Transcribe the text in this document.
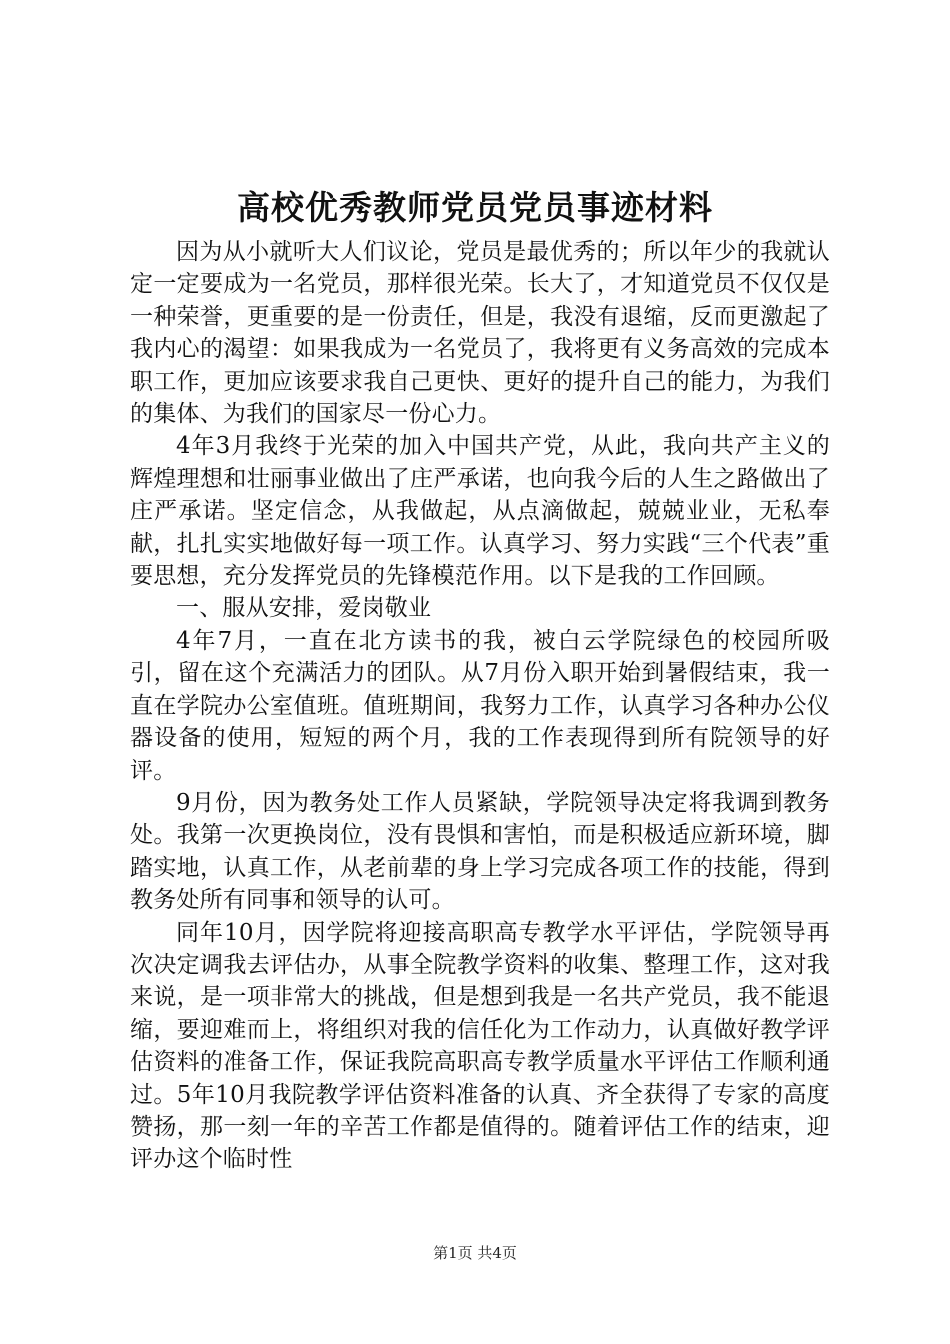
高校优秀教师党员党员事迹材料

因为从小就听大人们议论，党员是最优秀的；所以年少的我就认定一定要成为一名党员，那样很光荣。长大了，才知道党员不仅仅是一种荣誉，更重要的是一份责任，但是，我没有退缩，反而更激起了我内心的渴望：如果我成为一名党员了，我将更有义务高效的完成本职工作，更加应该要求我自己更快、更好的提升自己的能力，为我们的集体、为我们的国家尽一份心力。

4年3月我终于光荣的加入中国共产党，从此，我向共产主义的辉煌理想和壮丽事业做出了庄严承诺，也向我今后的人生之路做出了庄严承诺。坚定信念，从我做起，从点滴做起，兢兢业业，无私奉献，扎扎实实地做好每一项工作。认真学习、努力实践“三个代表”重要思想，充分发挥党员的先锋模范作用。以下是我的工作回顾。

一、服从安排，爱岗敬业

4年7月，一直在北方读书的我，被白云学院绿色的校园所吸引，留在这个充满活力的团队。从7月份入职开始到暑假结束，我一直在学院办公室值班。值班期间，我努力工作，认真学习各种办公仪器设备的使用，短短的两个月，我的工作表现得到所有院领导的好评。

9月份，因为教务处工作人员紧缺，学院领导决定将我调到教务处。我第一次更换岗位，没有畏惧和害怕，而是积极适应新环境，脚踏实地，认真工作，从老前辈的身上学习完成各项工作的技能，得到教务处所有同事和领导的认可。

同年10月，因学院将迎接高职高专教学水平评估，学院领导再次决定调我去评估办，从事全院教学资料的收集、整理工作，这对我来说，是一项非常大的挑战，但是想到我是一名共产党员，我不能退缩，要迎难而上，将组织对我的信任化为工作动力，认真做好教学评估资料的准备工作，保证我院高职高专教学质量水平评估工作顺利通过。5年10月我院教学评估资料准备的认真、齐全获得了专家的高度赞扬，那一刻一年的辛苦工作都是值得的。随着评估工作的结束，迎评办这个临时性

第1页 共4页
